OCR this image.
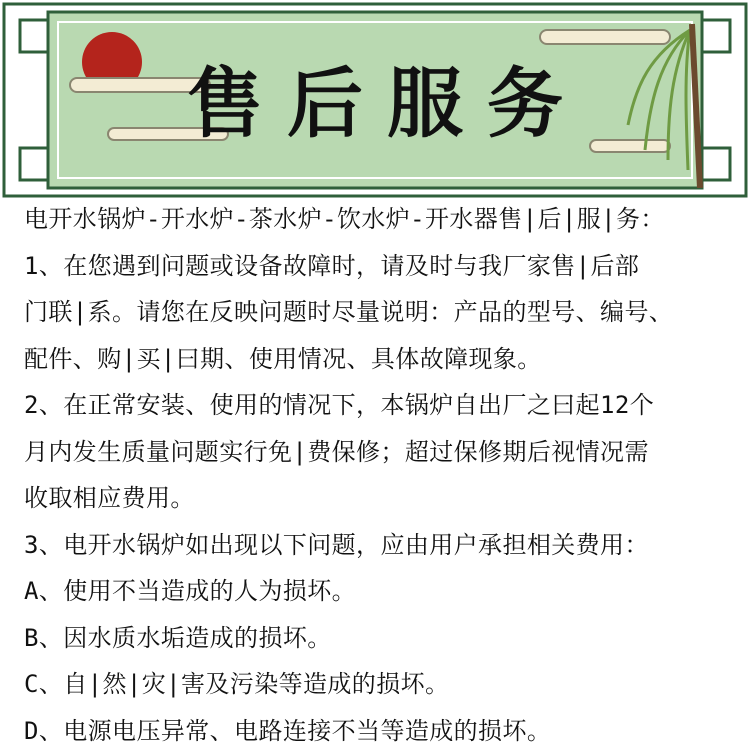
售后服务
电开水锅炉-开水炉-茶水炉-饮水炉-开水器售|后|服|务：
1、在您遇到问题或设备故障时，请及时与我厂家售|后部
门联|系。请您在反映问题时尽量说明：产品的型号、编号、
配件、购|买|曰期、使用情况、具体故障现象。
2、在正常安装、使用的情况下，本锅炉自出厂之曰起12个
月内发生质量问题实行免|费保修；超过保修期后视情况需
收取相应费用。
3、电开水锅炉如出现以下问题，应由用户承担相关费用：
A、使用不当造成的人为损坏。
B、因水质水垢造成的损坏。
C、自|然|灾|害及污染等造成的损坏。
D、电源电压异常、电路连接不当等造成的损坏。
